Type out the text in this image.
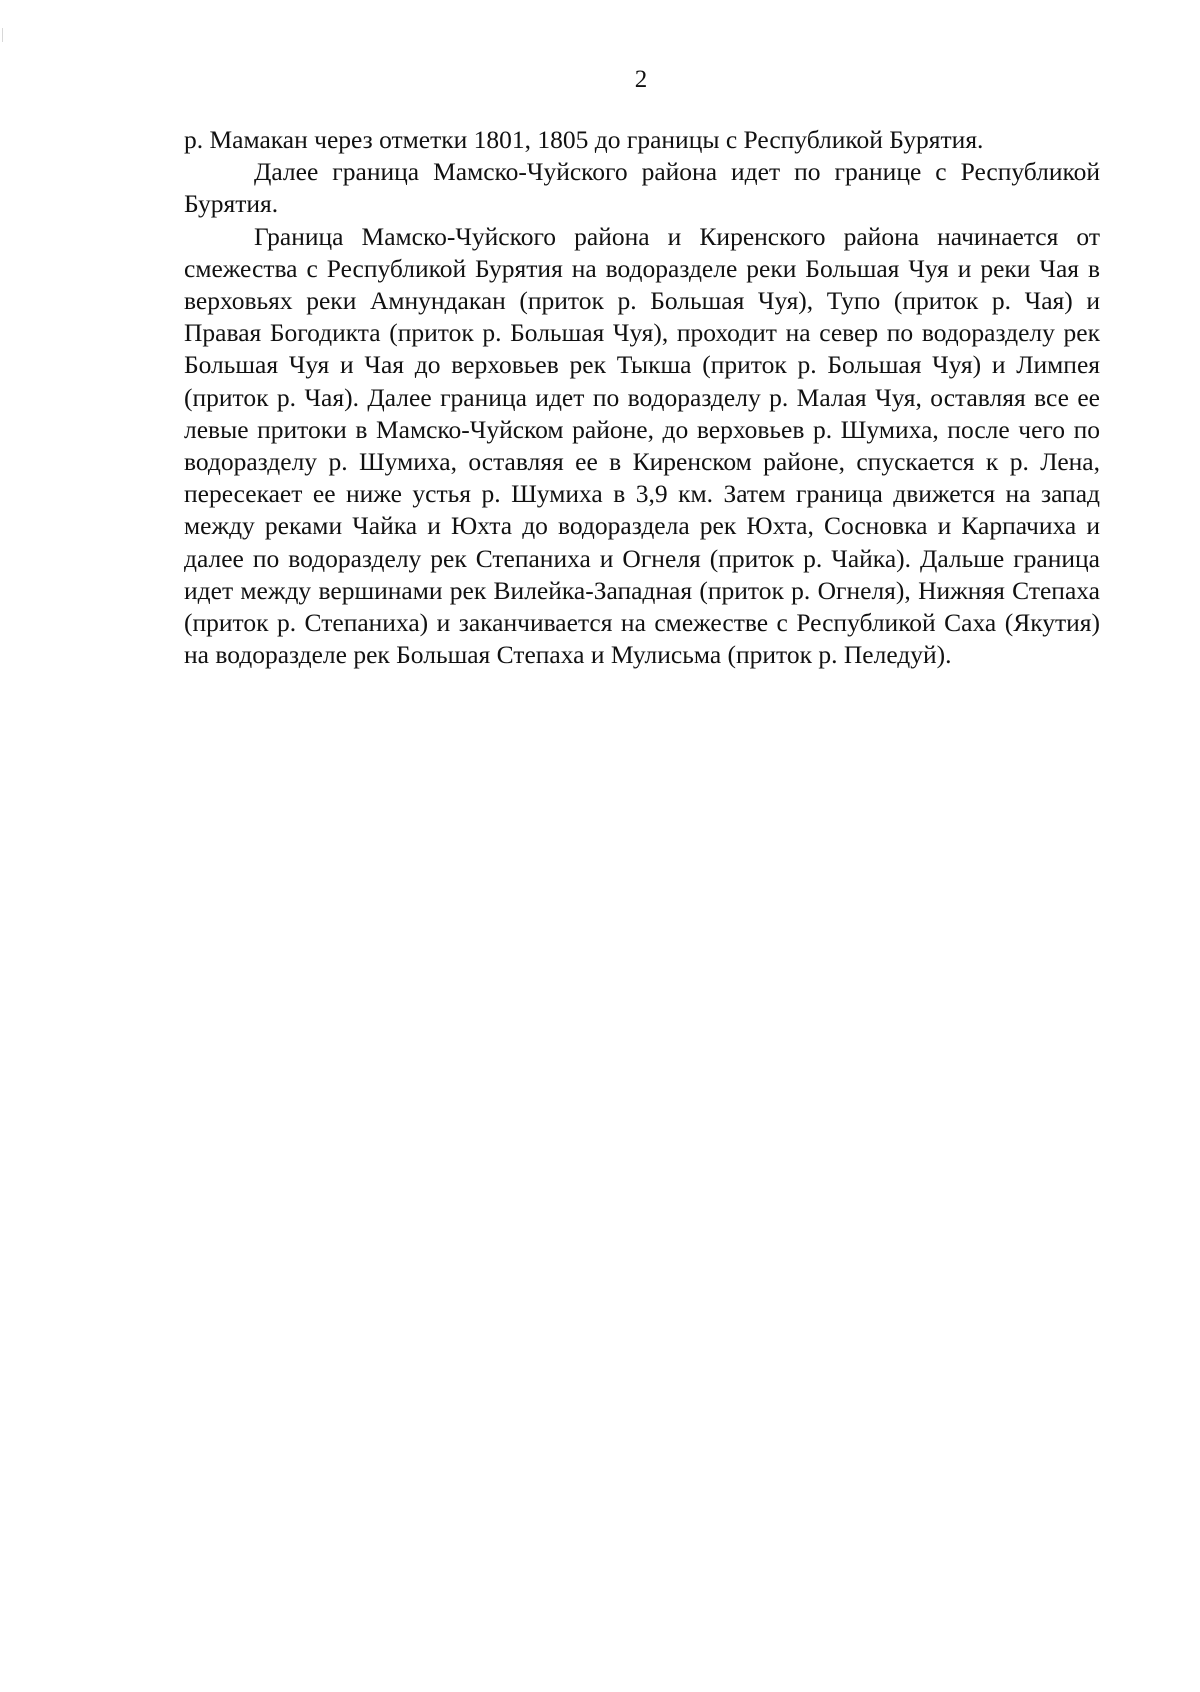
2

р. Мамакан через отметки 1801, 1805 до границы с Республикой Бурятия.

Далее граница Мамско-Чуйского района идет по границе с Республикой Бурятия.

Граница Мамско-Чуйского района и Киренского района начинается от смежества с Республикой Бурятия на водоразделе реки Большая Чуя и реки Чая в верховьях реки Амнундакан (приток р. Большая Чуя), Тупо (приток р. Чая) и Правая Богодикта (приток р. Большая Чуя), проходит на север по водоразделу рек Большая Чуя и Чая до верховьев рек Тыкша (приток р. Большая Чуя) и Лимпея (приток р. Чая). Далее граница идет по водоразделу р. Малая Чуя, оставляя все ее левые притоки в Мамско-Чуйском районе, до верховьев р. Шумиха, после чего по водоразделу р. Шумиха, оставляя ее в Киренском районе, спускается к р. Лена, пересекает ее ниже устья р. Шумиха в 3,9 км. Затем граница движется на запад между реками Чайка и Юхта до водораздела рек Юхта, Сосновка и Карпачиха и далее по водоразделу рек Степаниха и Огнеля (приток р. Чайка). Дальше граница идет между вершинами рек Вилейка-Западная (приток р. Огнеля), Нижняя Степаха (приток р. Степаниха) и заканчивается на смежестве с Республикой Саха (Якутия) на водоразделе рек Большая Степаха и Мулисьма (приток р. Пеледуй).
